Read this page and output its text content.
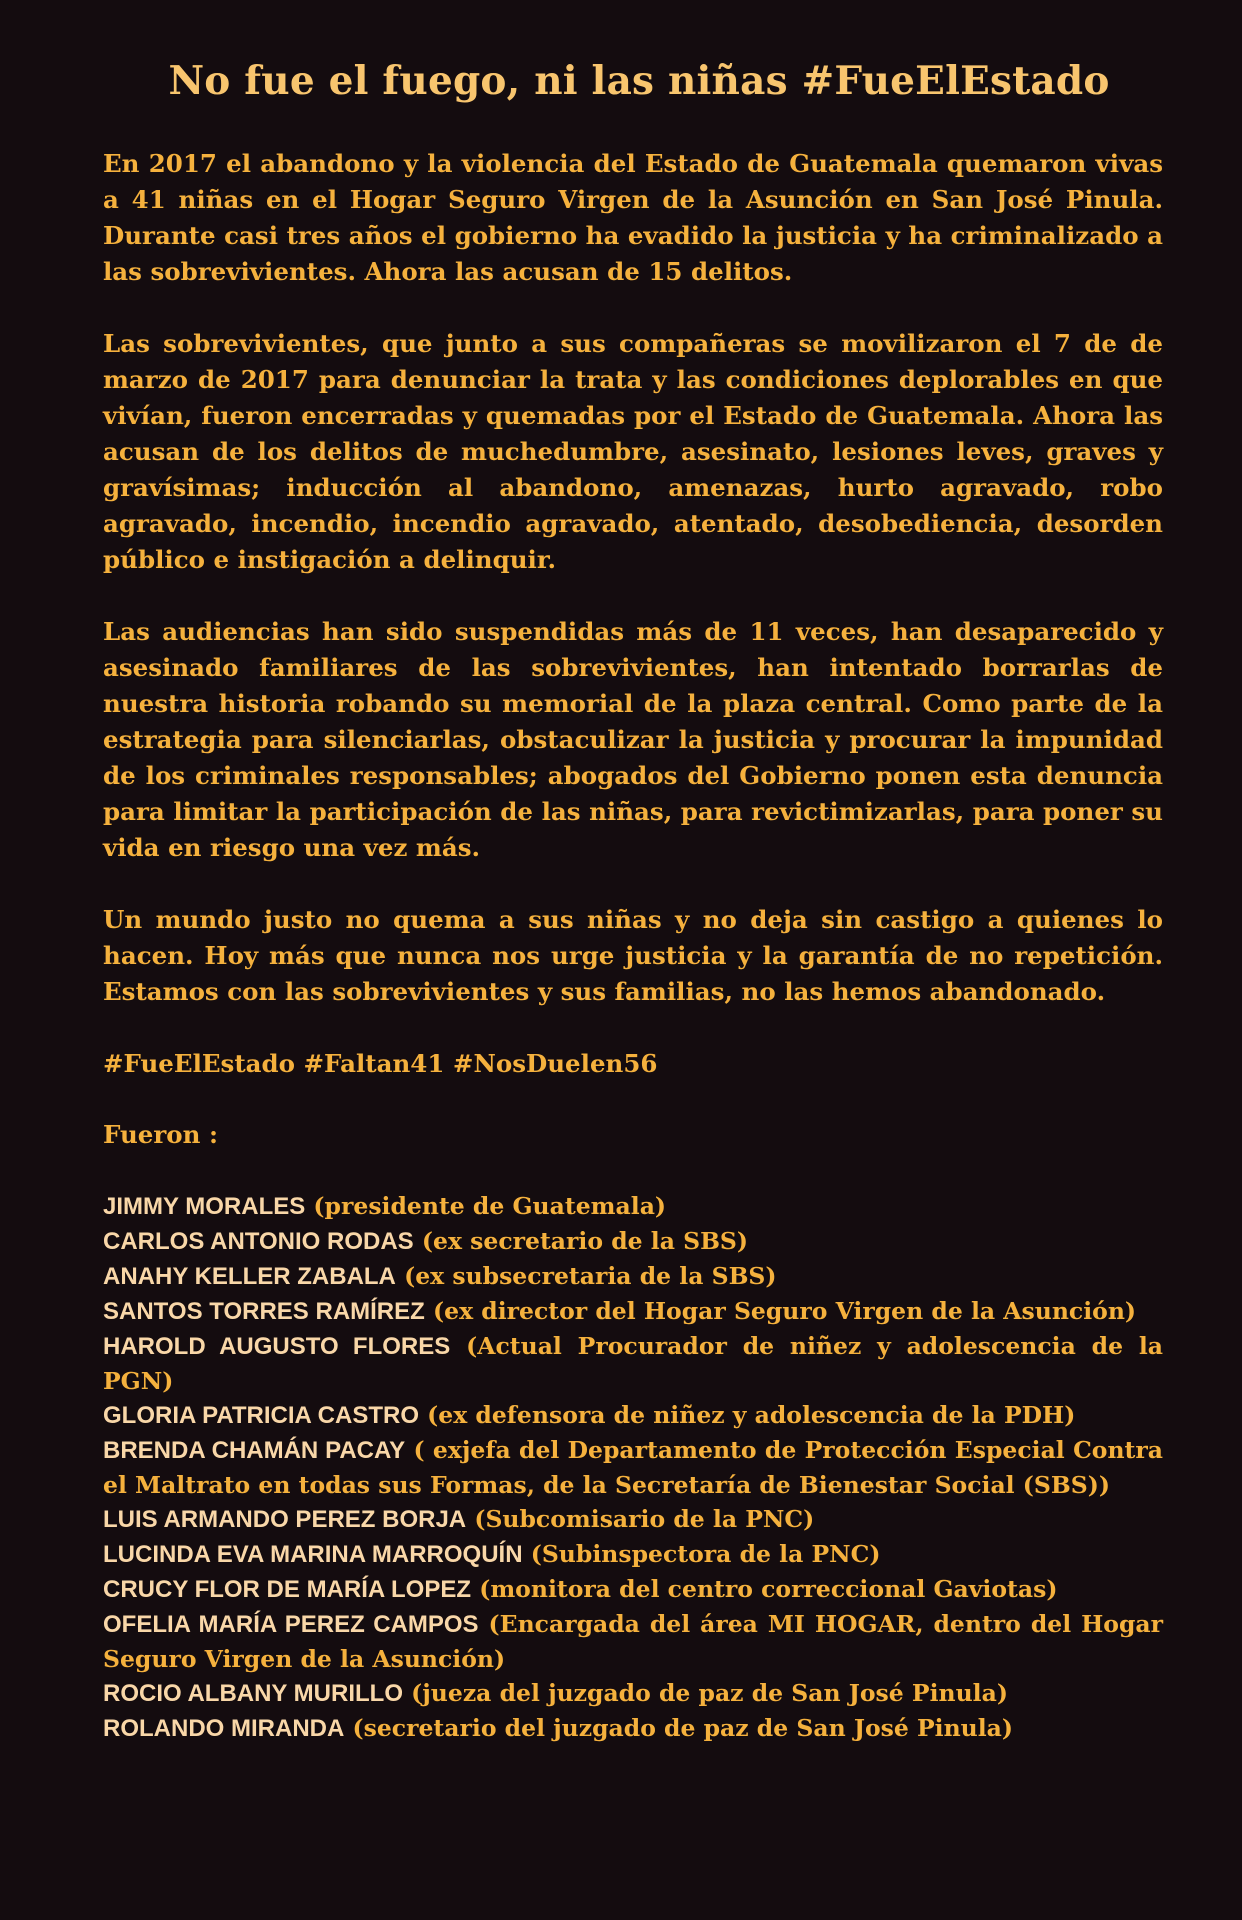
No fue el fuego, ni las niñas #FueElEstado

En 2017 el abandono y la violencia del Estado de Guatemala quemaron vivas a 41 niñas en el Hogar Seguro Virgen de la Asunción en San José Pinula. Durante casi tres años el gobierno ha evadido la justicia y ha criminalizado a las sobrevivientes. Ahora las acusan de 15 delitos.

Las sobrevivientes, que junto a sus compañeras se movilizaron el 7 de de marzo de 2017 para denunciar la trata y las condiciones deplorables en que vivían, fueron encerradas y quemadas por el Estado de Guatemala. Ahora las acusan de los delitos de muchedumbre, asesinato, lesiones leves, graves y gravísimas; inducción al abandono, amenazas, hurto agravado, robo agravado, incendio, incendio agravado, atentado, desobediencia, desorden público e instigación a delinquir.

Las audiencias han sido suspendidas más de 11 veces, han desaparecido y asesinado familiares de las sobrevivientes, han intentado borrarlas de nuestra historia robando su memorial de la plaza central. Como parte de la estrategia para silenciarlas, obstaculizar la justicia y procurar la impunidad de los criminales responsables; abogados del Gobierno ponen esta denuncia para limitar la participación de las niñas, para revictimizarlas, para poner su vida en riesgo una vez más.

Un mundo justo no quema a sus niñas y no deja sin castigo a quienes lo hacen. Hoy más que nunca nos urge justicia y la garantía de no repetición. Estamos con las sobrevivientes y sus familias, no las hemos abandonado.

#FueElEstado #Faltan41 #NosDuelen56
Fueron :

JIMMY MORALES (presidente de Guatemala)

CARLOS ANTONIO RODAS (ex secretario de la SBS)

ANAHY KELLER ZABALA (ex subsecretaria de la SBS)

SANTOS TORRES RAMÍREZ (ex director del Hogar Seguro Virgen de la Asunción)

HAROLD AUGUSTO FLORES (Actual Procurador de niñez y adolescencia de la PGN)

GLORIA PATRICIA CASTRO (ex defensora de niñez y adolescencia de la PDH)

BRENDA CHAMÁN PACAY ( exjefa del Departamento de Protección Especial Contra el Maltrato en todas sus Formas, de la Secretaría de Bienestar Social (SBS))

LUIS ARMANDO PEREZ BORJA (Subcomisario de la PNC)

LUCINDA EVA MARINA MARROQUÍN (Subinspectora de la PNC)

CRUCY FLOR DE MARÍA LOPEZ (monitora del centro correccional Gaviotas)

OFELIA MARÍA PEREZ CAMPOS (Encargada del área MI HOGAR, dentro del Hogar Seguro Virgen de la Asunción)

ROCIO ALBANY MURILLO (jueza del juzgado de paz de San José Pinula)

ROLANDO MIRANDA (secretario del juzgado de paz de San José Pinula)
